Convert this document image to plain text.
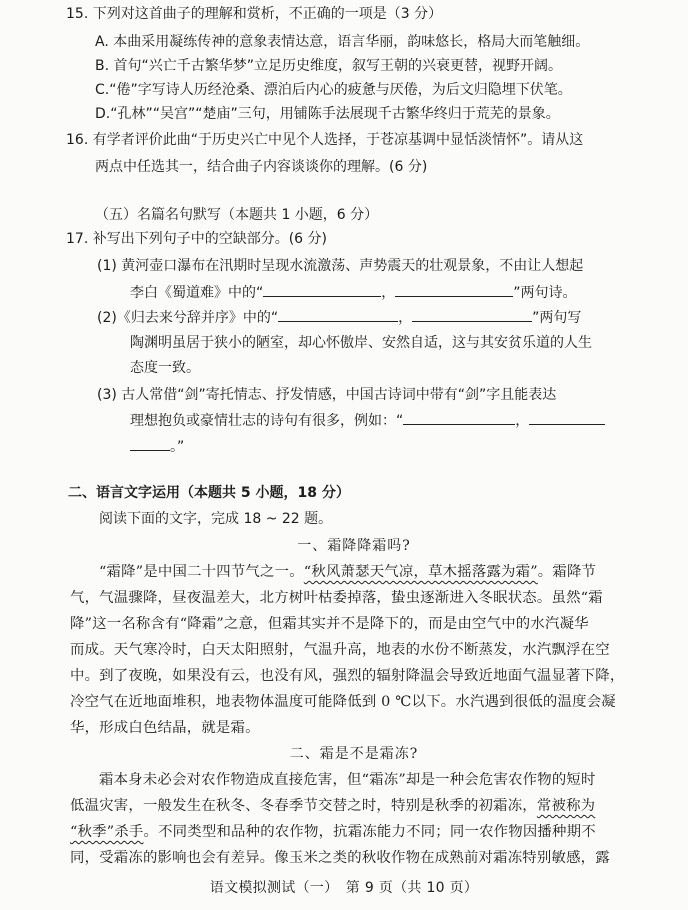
15. 下列对这首曲子的理解和赏析，不正确的一项是（3 分）
A. 本曲采用凝练传神的意象表情达意，语言华丽，韵味悠长，格局大而笔触细。
B. 首句“兴亡千古繁华梦”立足历史维度，叙写王朝的兴衰更替，视野开阔。
C.“倦”字写诗人历经沧桑、漂泊后内心的疲惫与厌倦，为后文归隐埋下伏笔。
D.“孔林”“吴宫”“楚庙”三句，用铺陈手法展现千古繁华终归于荒芜的景象。
16. 有学者评价此曲“于历史兴亡中见个人选择，于苍凉基调中显恬淡情怀”。请从这
两点中任选其一，结合曲子内容谈谈你的理解。(6 分)
（五）名篇名句默写（本题共 1 小题，6 分）
17. 补写出下列句子中的空缺部分。(6 分)
(1) 黄河壶口瀑布在汛期时呈现水流激荡、声势震天的壮观景象，不由让人想起
李白《蜀道难》中的“	，	”两句诗。
(2)《归去来兮辞并序》中的“	，	”两句写
陶渊明虽居于狭小的陋室，却心怀傲岸、安然自适，这与其安贫乐道的人生
态度一致。
(3) 古人常借“剑”寄托情志、抒发情感，中国古诗词中带有“剑”字且能表达
理想抱负或豪情壮志的诗句有很多，例如：“	，
。”
二、语言文字运用（本题共 5 小题，18 分）
阅读下面的文字，完成 18 ~ 22 题。
一、霜降降霜吗?
“霜降”是中国二十四节气之一。“秋风萧瑟天气凉，草木摇落露为霜”。霜降节
气，气温骤降，昼夜温差大，北方树叶枯委掉落，蛰虫逐渐进入冬眠状态。虽然“霜
降”这一名称含有“降霜”之意，但霜其实并不是降下的，而是由空气中的水汽凝华
而成。天气寒冷时，白天太阳照射，气温升高，地表的水份不断蒸发，水汽飘浮在空
中。到了夜晚，如果没有云，也没有风，强烈的辐射降温会导致近地面气温显著下降，
冷空气在近地面堆积，地表物体温度可能降低到 0 ℃以下。水汽遇到很低的温度会凝
华，形成白色结晶，就是霜。
二、霜是不是霜冻?
霜本身未必会对农作物造成直接危害，但“霜冻”却是一种会危害农作物的短时
低温灾害，一般发生在秋冬、冬春季节交替之时，特别是秋季的初霜冻，常被称为
“秋季”杀手。不同类型和品种的农作物，抗霜冻能力不同；同一农作物因播种期不
同，受霜冻的影响也会有差异。像玉米之类的秋收作物在成熟前对霜冻特别敏感，露
语文模拟测试（一）　第 9 页（共 10 页）
